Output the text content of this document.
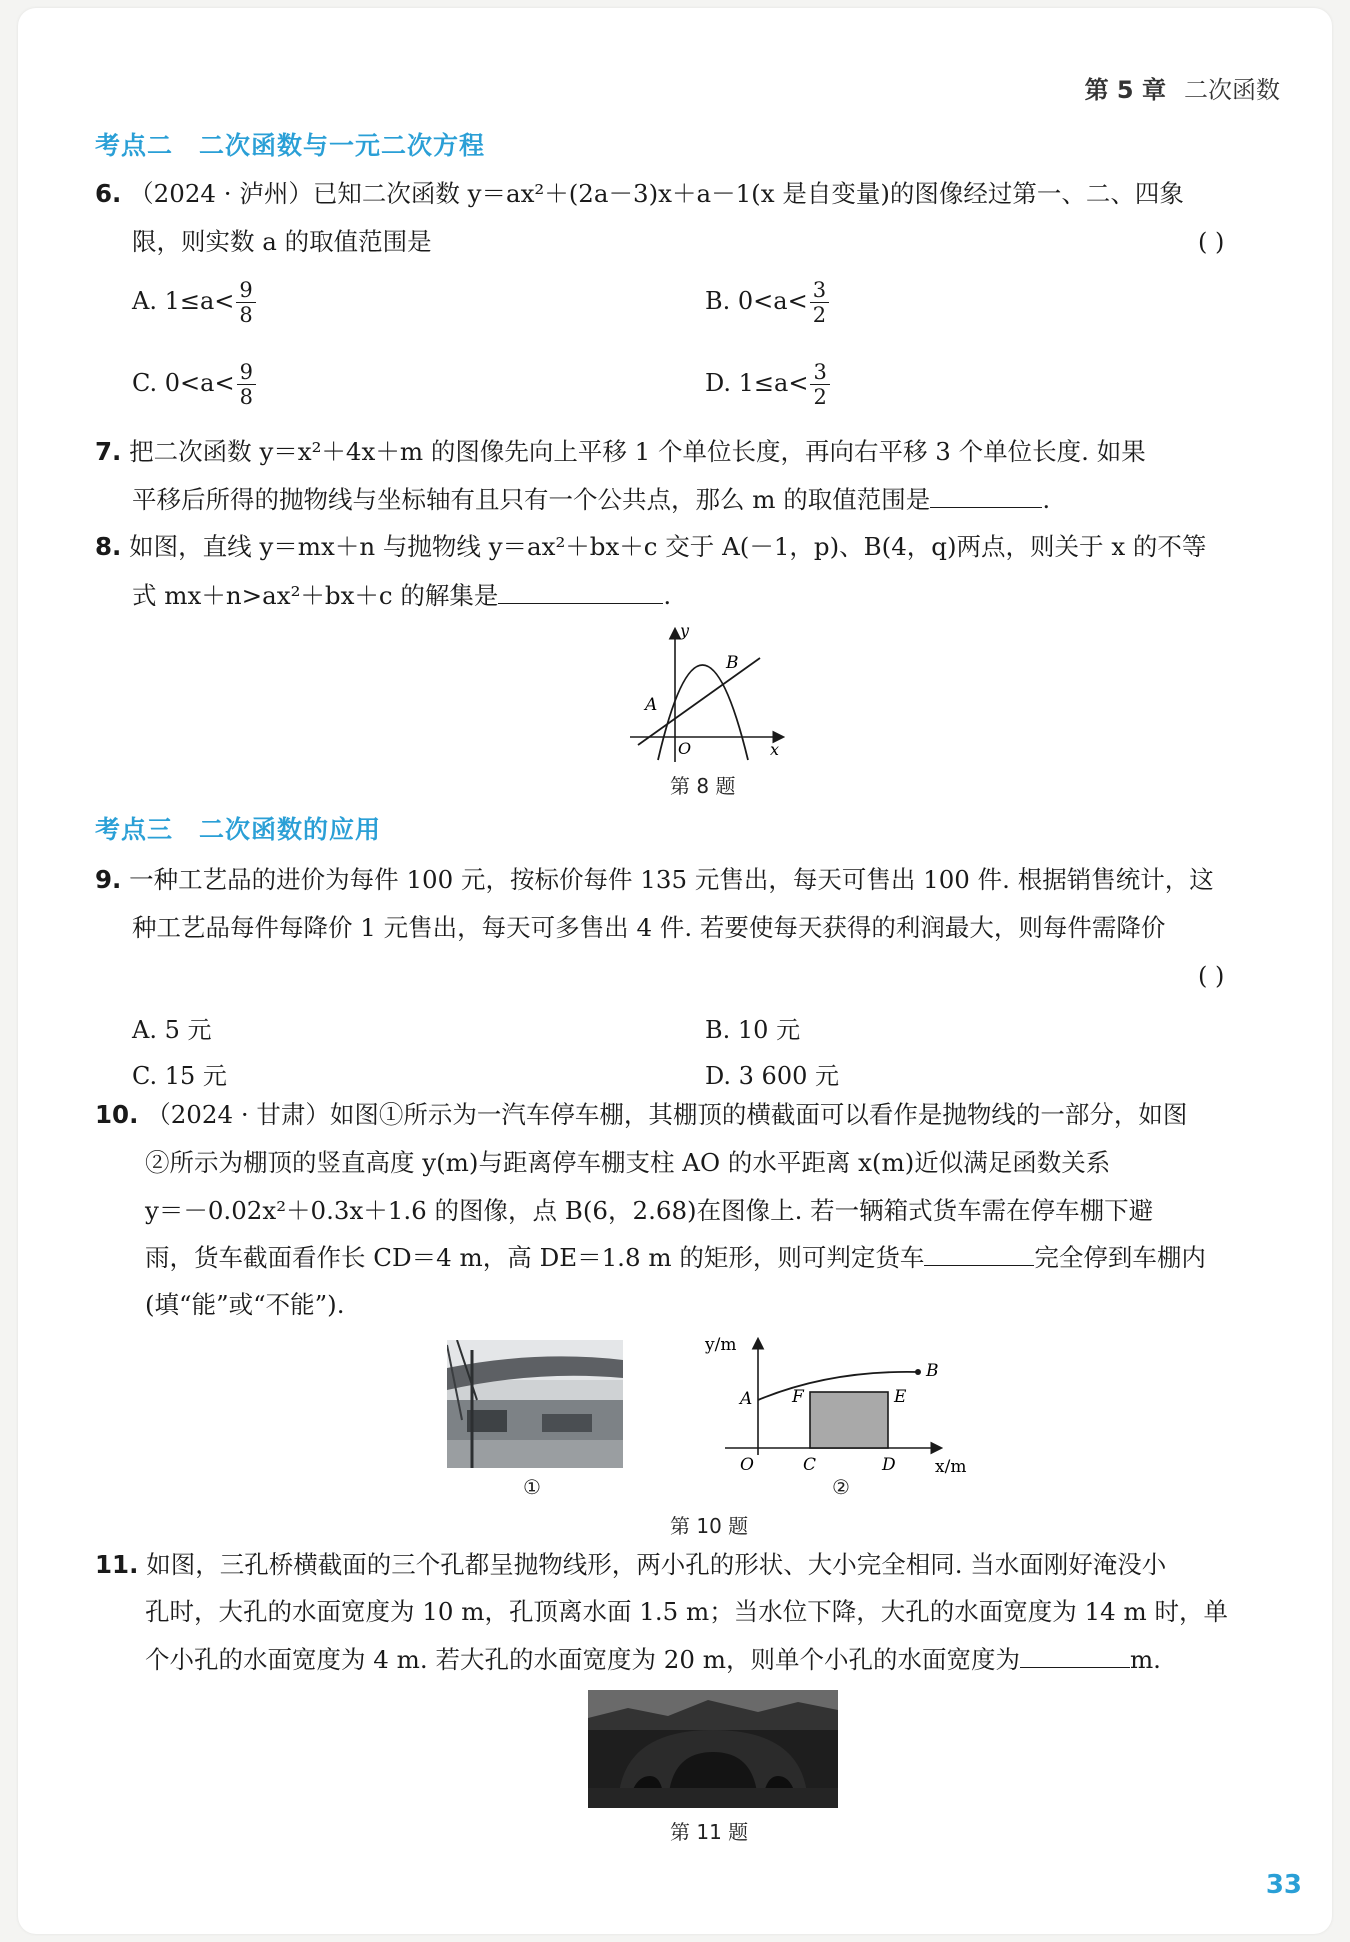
第 5 章 二次函数
考点二 二次函数与一元二次方程
6. （2024 · 泸州）已知二次函数 y＝ax²＋(2a－3)x＋a－1(x 是自变量)的图像经过第一、二、四象
限，则实数 a 的取值范围是	( )
A. $1\le a< \frac{9}{8}$	B. $0<a< \frac{3}{2}$
C. $0<a< \frac{9}{8}$	D. $1\le a< \frac{3}{2}$
7. 把二次函数 y＝x²＋4x＋m 的图像先向上平移 1 个单位长度，再向右平移 3 个单位长度. 如果
平移后所得的抛物线与坐标轴有且只有一个公共点，那么 m 的取值范围是	.
8. 如图，直线 y＝mx＋n 与抛物线 y＝ax²＋bx＋c 交于 A(－1，p)、B(4，q)两点，则关于 x 的不等
式 mx＋n>ax²＋bx＋c 的解集是	.
y
x
O
A
B
第 8 题
考点三 二次函数的应用
9. 一种工艺品的进价为每件 100 元，按标价每件 135 元售出，每天可售出 100 件. 根据销售统计，这
种工艺品每件每降价 1 元售出，每天可多售出 4 件. 若要使每天获得的利润最大，则每件需降价
( )
A. 5 元	B. 10 元
C. 15 元	D. 3 600 元
10. （2024 · 甘肃）如图①所示为一汽车停车棚，其棚顶的横截面可以看作是抛物线的一部分，如图
②所示为棚顶的竖直高度 y(m)与距离停车棚支柱 AO 的水平距离 x(m)近似满足函数关系
y＝－0.02x²＋0.3x＋1.6 的图像，点 B(6，2.68)在图像上. 若一辆箱式货车需在停车棚下避
雨，货车截面看作长 CD＝4 m，高 DE＝1.8 m 的矩形，则可判定货车	完全停到车棚内
(填“能”或“不能”).
①
y/m
x/m
O
A
B
C	D
E
F
②
第 10 题
11. 如图，三孔桥横截面的三个孔都呈抛物线形，两小孔的形状、大小完全相同. 当水面刚好淹没小
孔时，大孔的水面宽度为 10 m，孔顶离水面 1.5 m；当水位下降，大孔的水面宽度为 14 m 时，单
个小孔的水面宽度为 4 m. 若大孔的水面宽度为 20 m，则单个小孔的水面宽度为	m.
第 11 题
33
